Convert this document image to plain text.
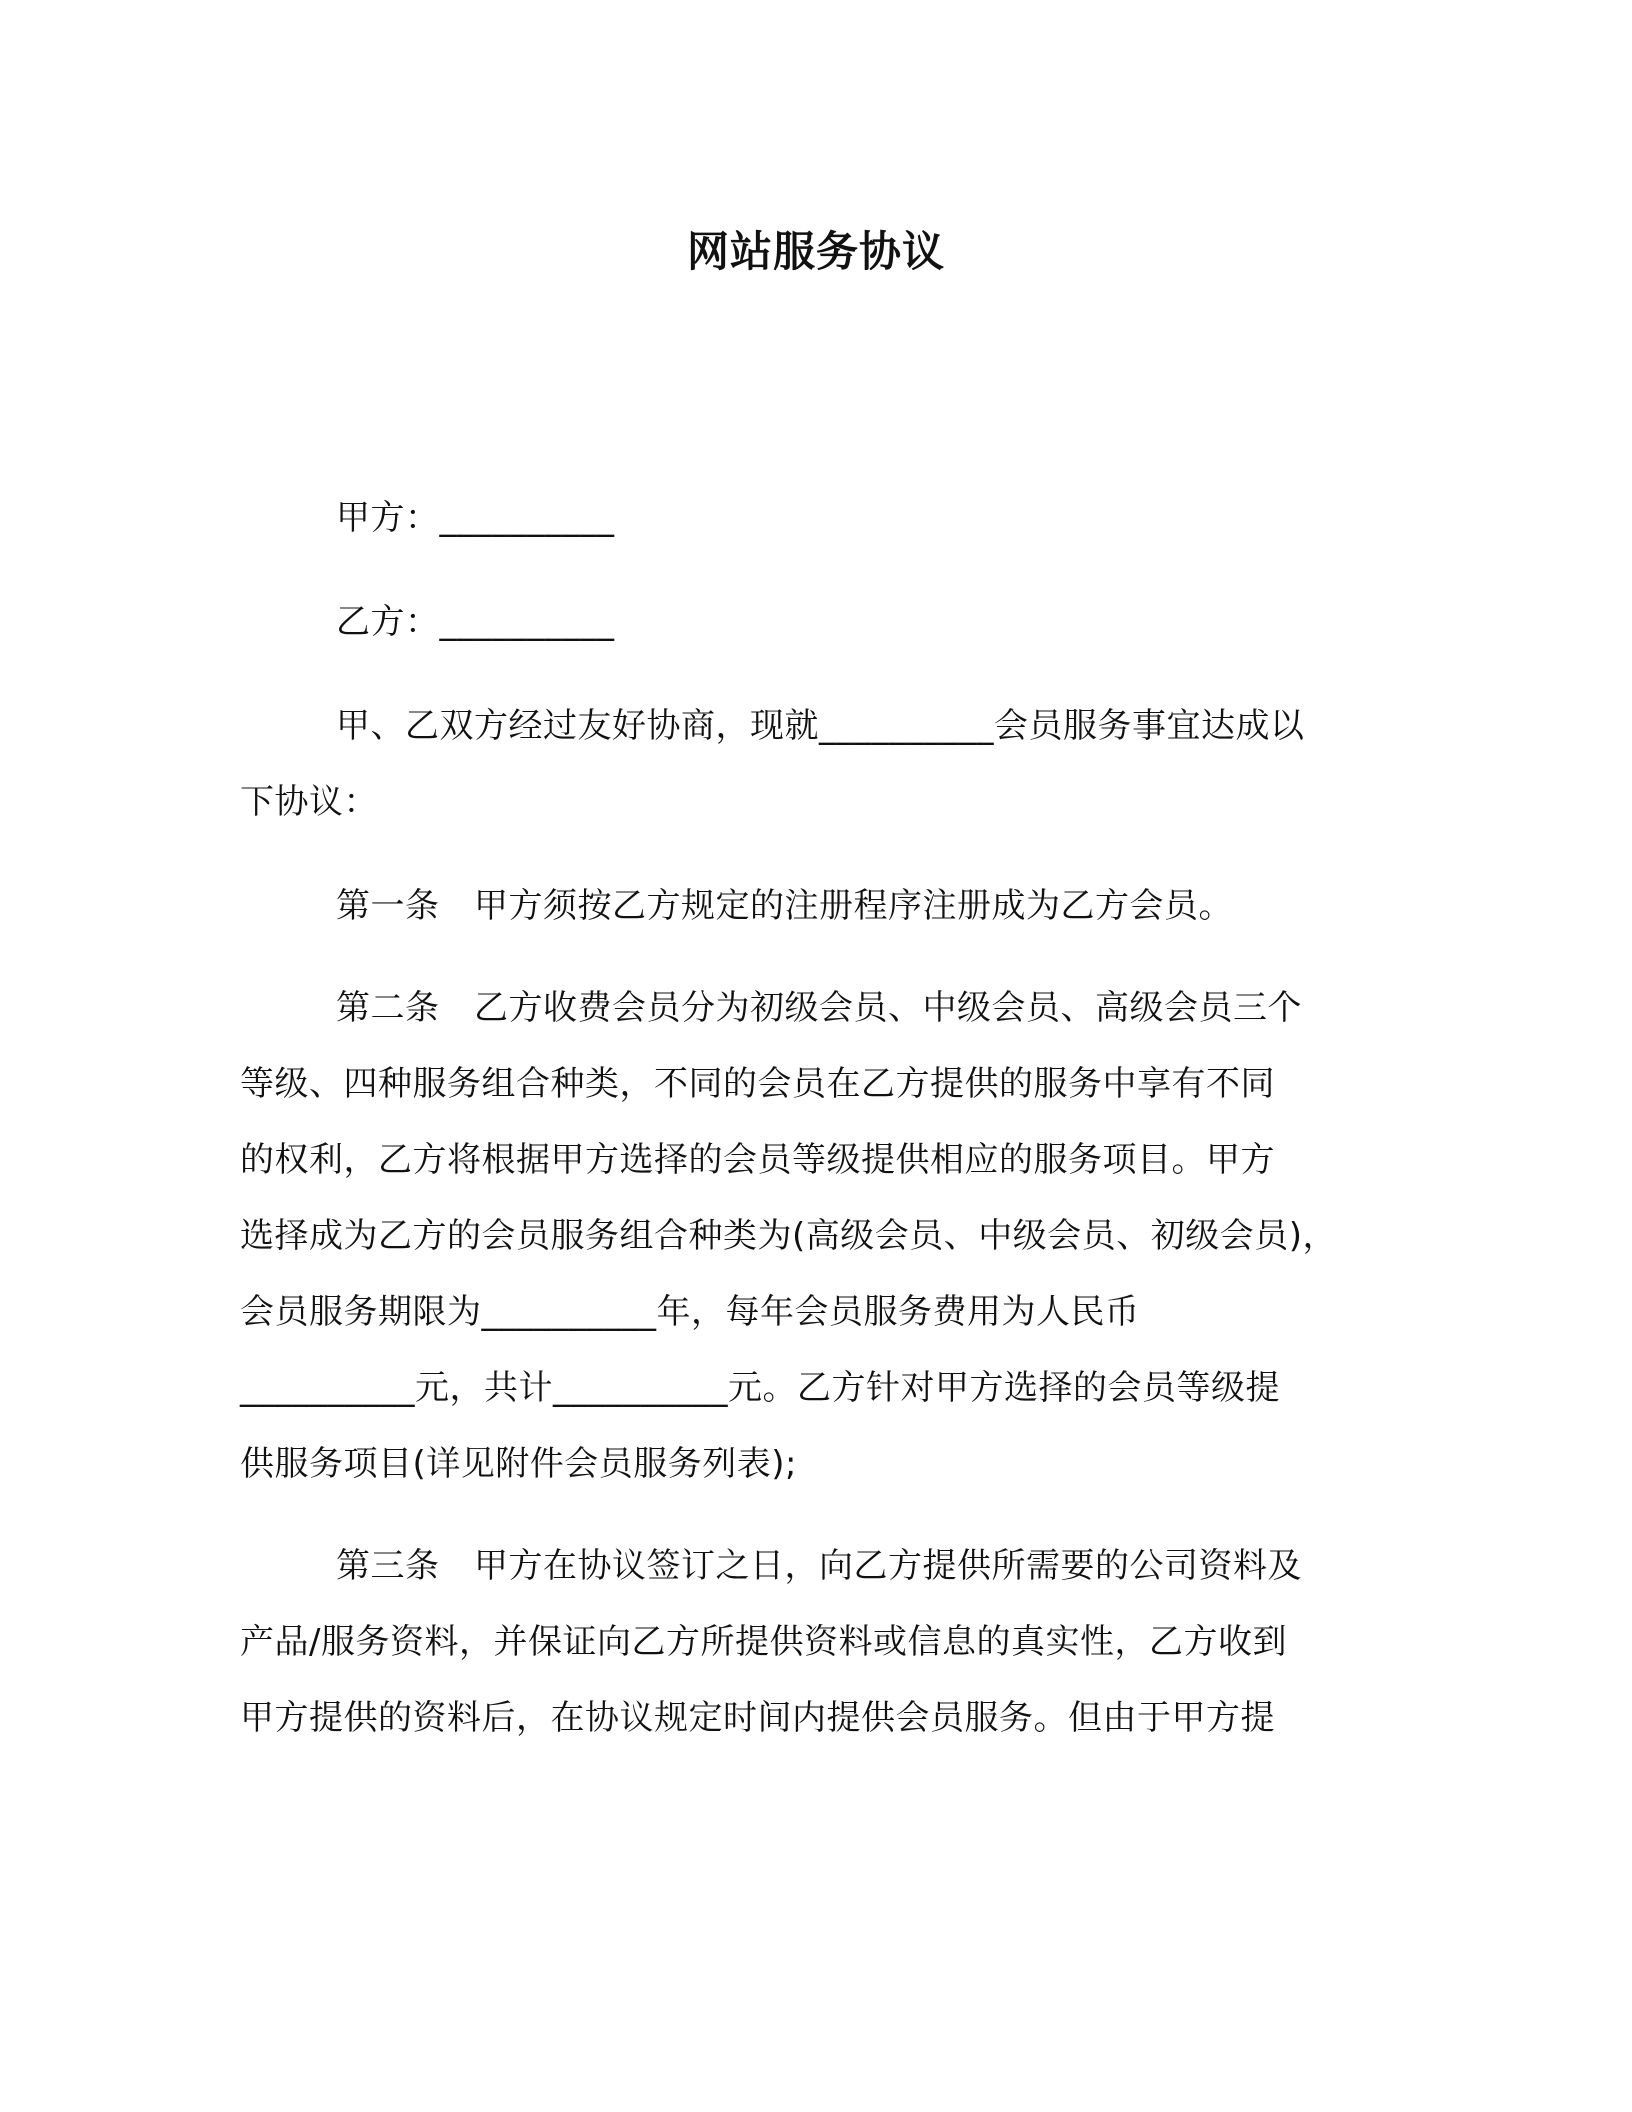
网站服务协议
甲方：__________
乙方：__________
甲、乙双方经过友好协商，现就__________会员服务事宜达成以
下协议：
第一条　甲方须按乙方规定的注册程序注册成为乙方会员。
第二条　乙方收费会员分为初级会员、中级会员、高级会员三个
等级、四种服务组合种类，不同的会员在乙方提供的服务中享有不同
的权利，乙方将根据甲方选择的会员等级提供相应的服务项目。甲方
选择成为乙方的会员服务组合种类为(高级会员、中级会员、初级会员)，
会员服务期限为__________年，每年会员服务费用为人民币
__________元，共计__________元。乙方针对甲方选择的会员等级提
供服务项目(详见附件会员服务列表);
第三条　甲方在协议签订之日，向乙方提供所需要的公司资料及
产品/服务资料，并保证向乙方所提供资料或信息的真实性，乙方收到
甲方提供的资料后，在协议规定时间内提供会员服务。但由于甲方提
